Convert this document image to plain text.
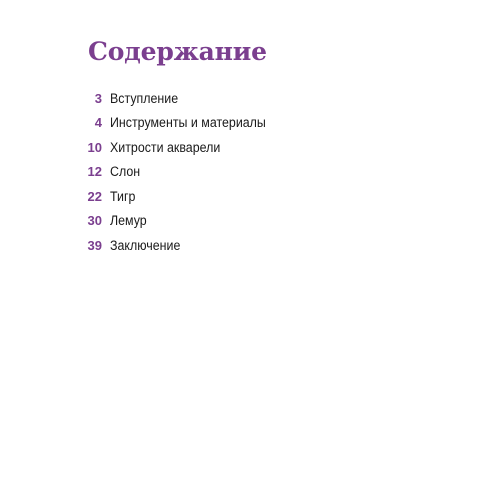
Содержание
3 Вступление
4 Инструменты и материалы
10 Хитрости акварели
12 Слон
22 Тигр
30 Лемур
39 Заключение
